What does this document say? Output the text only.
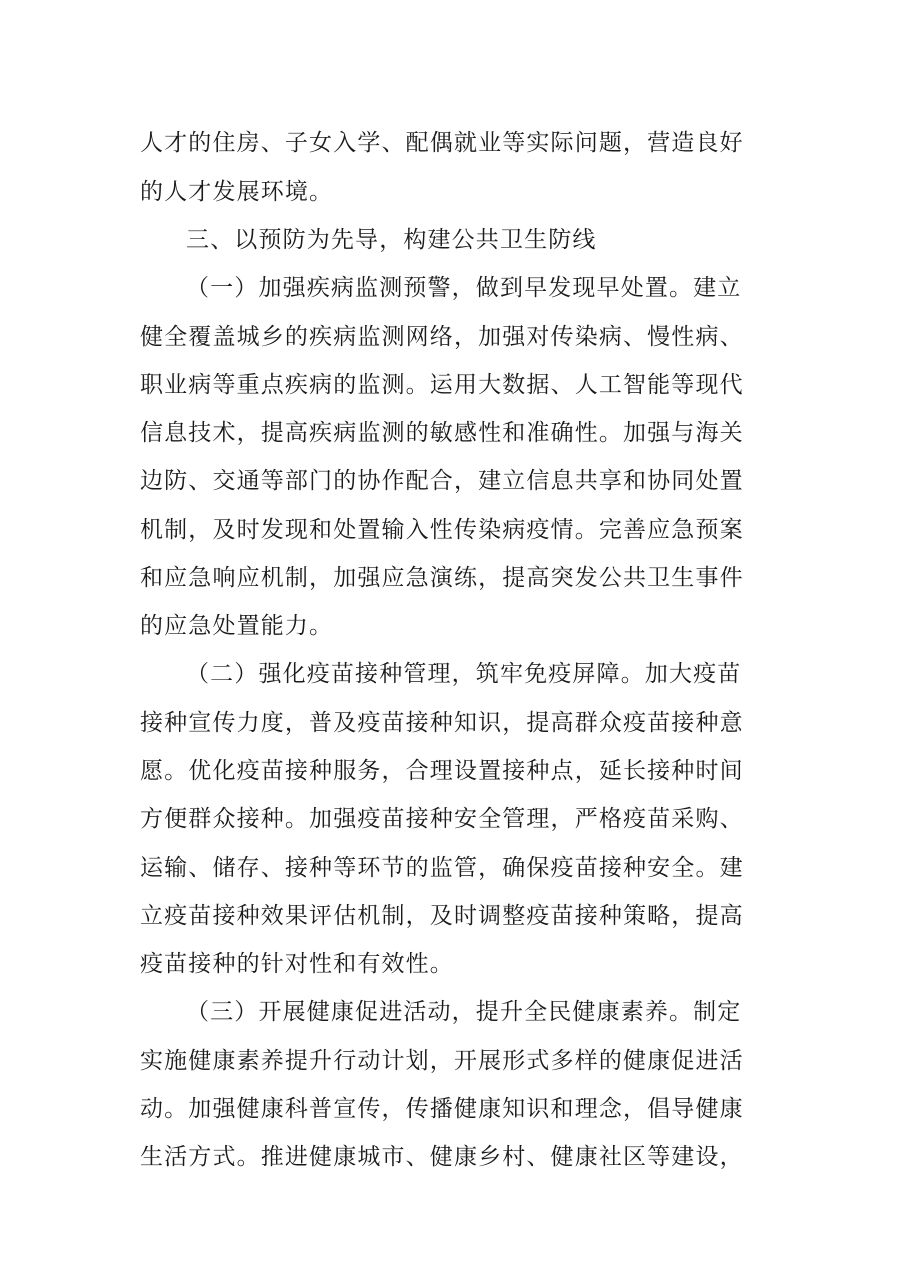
人才的住房、子女入学、配偶就业等实际问题，营造良好
的人才发展环境。
三、以预防为先导，构建公共卫生防线
（一）加强疾病监测预警，做到早发现早处置。建立
健全覆盖城乡的疾病监测网络，加强对传染病、慢性病、
职业病等重点疾病的监测。运用大数据、人工智能等现代
信息技术，提高疾病监测的敏感性和准确性。加强与海关
边防、交通等部门的协作配合，建立信息共享和协同处置
机制，及时发现和处置输入性传染病疫情。完善应急预案
和应急响应机制，加强应急演练，提高突发公共卫生事件
的应急处置能力。
（二）强化疫苗接种管理，筑牢免疫屏障。加大疫苗
接种宣传力度，普及疫苗接种知识，提高群众疫苗接种意
愿。优化疫苗接种服务，合理设置接种点，延长接种时间
方便群众接种。加强疫苗接种安全管理，严格疫苗采购、
运输、储存、接种等环节的监管，确保疫苗接种安全。建
立疫苗接种效果评估机制，及时调整疫苗接种策略，提高
疫苗接种的针对性和有效性。
（三）开展健康促进活动，提升全民健康素养。制定
实施健康素养提升行动计划，开展形式多样的健康促进活
动。加强健康科普宣传，传播健康知识和理念，倡导健康
生活方式。推进健康城市、健康乡村、健康社区等建设，
